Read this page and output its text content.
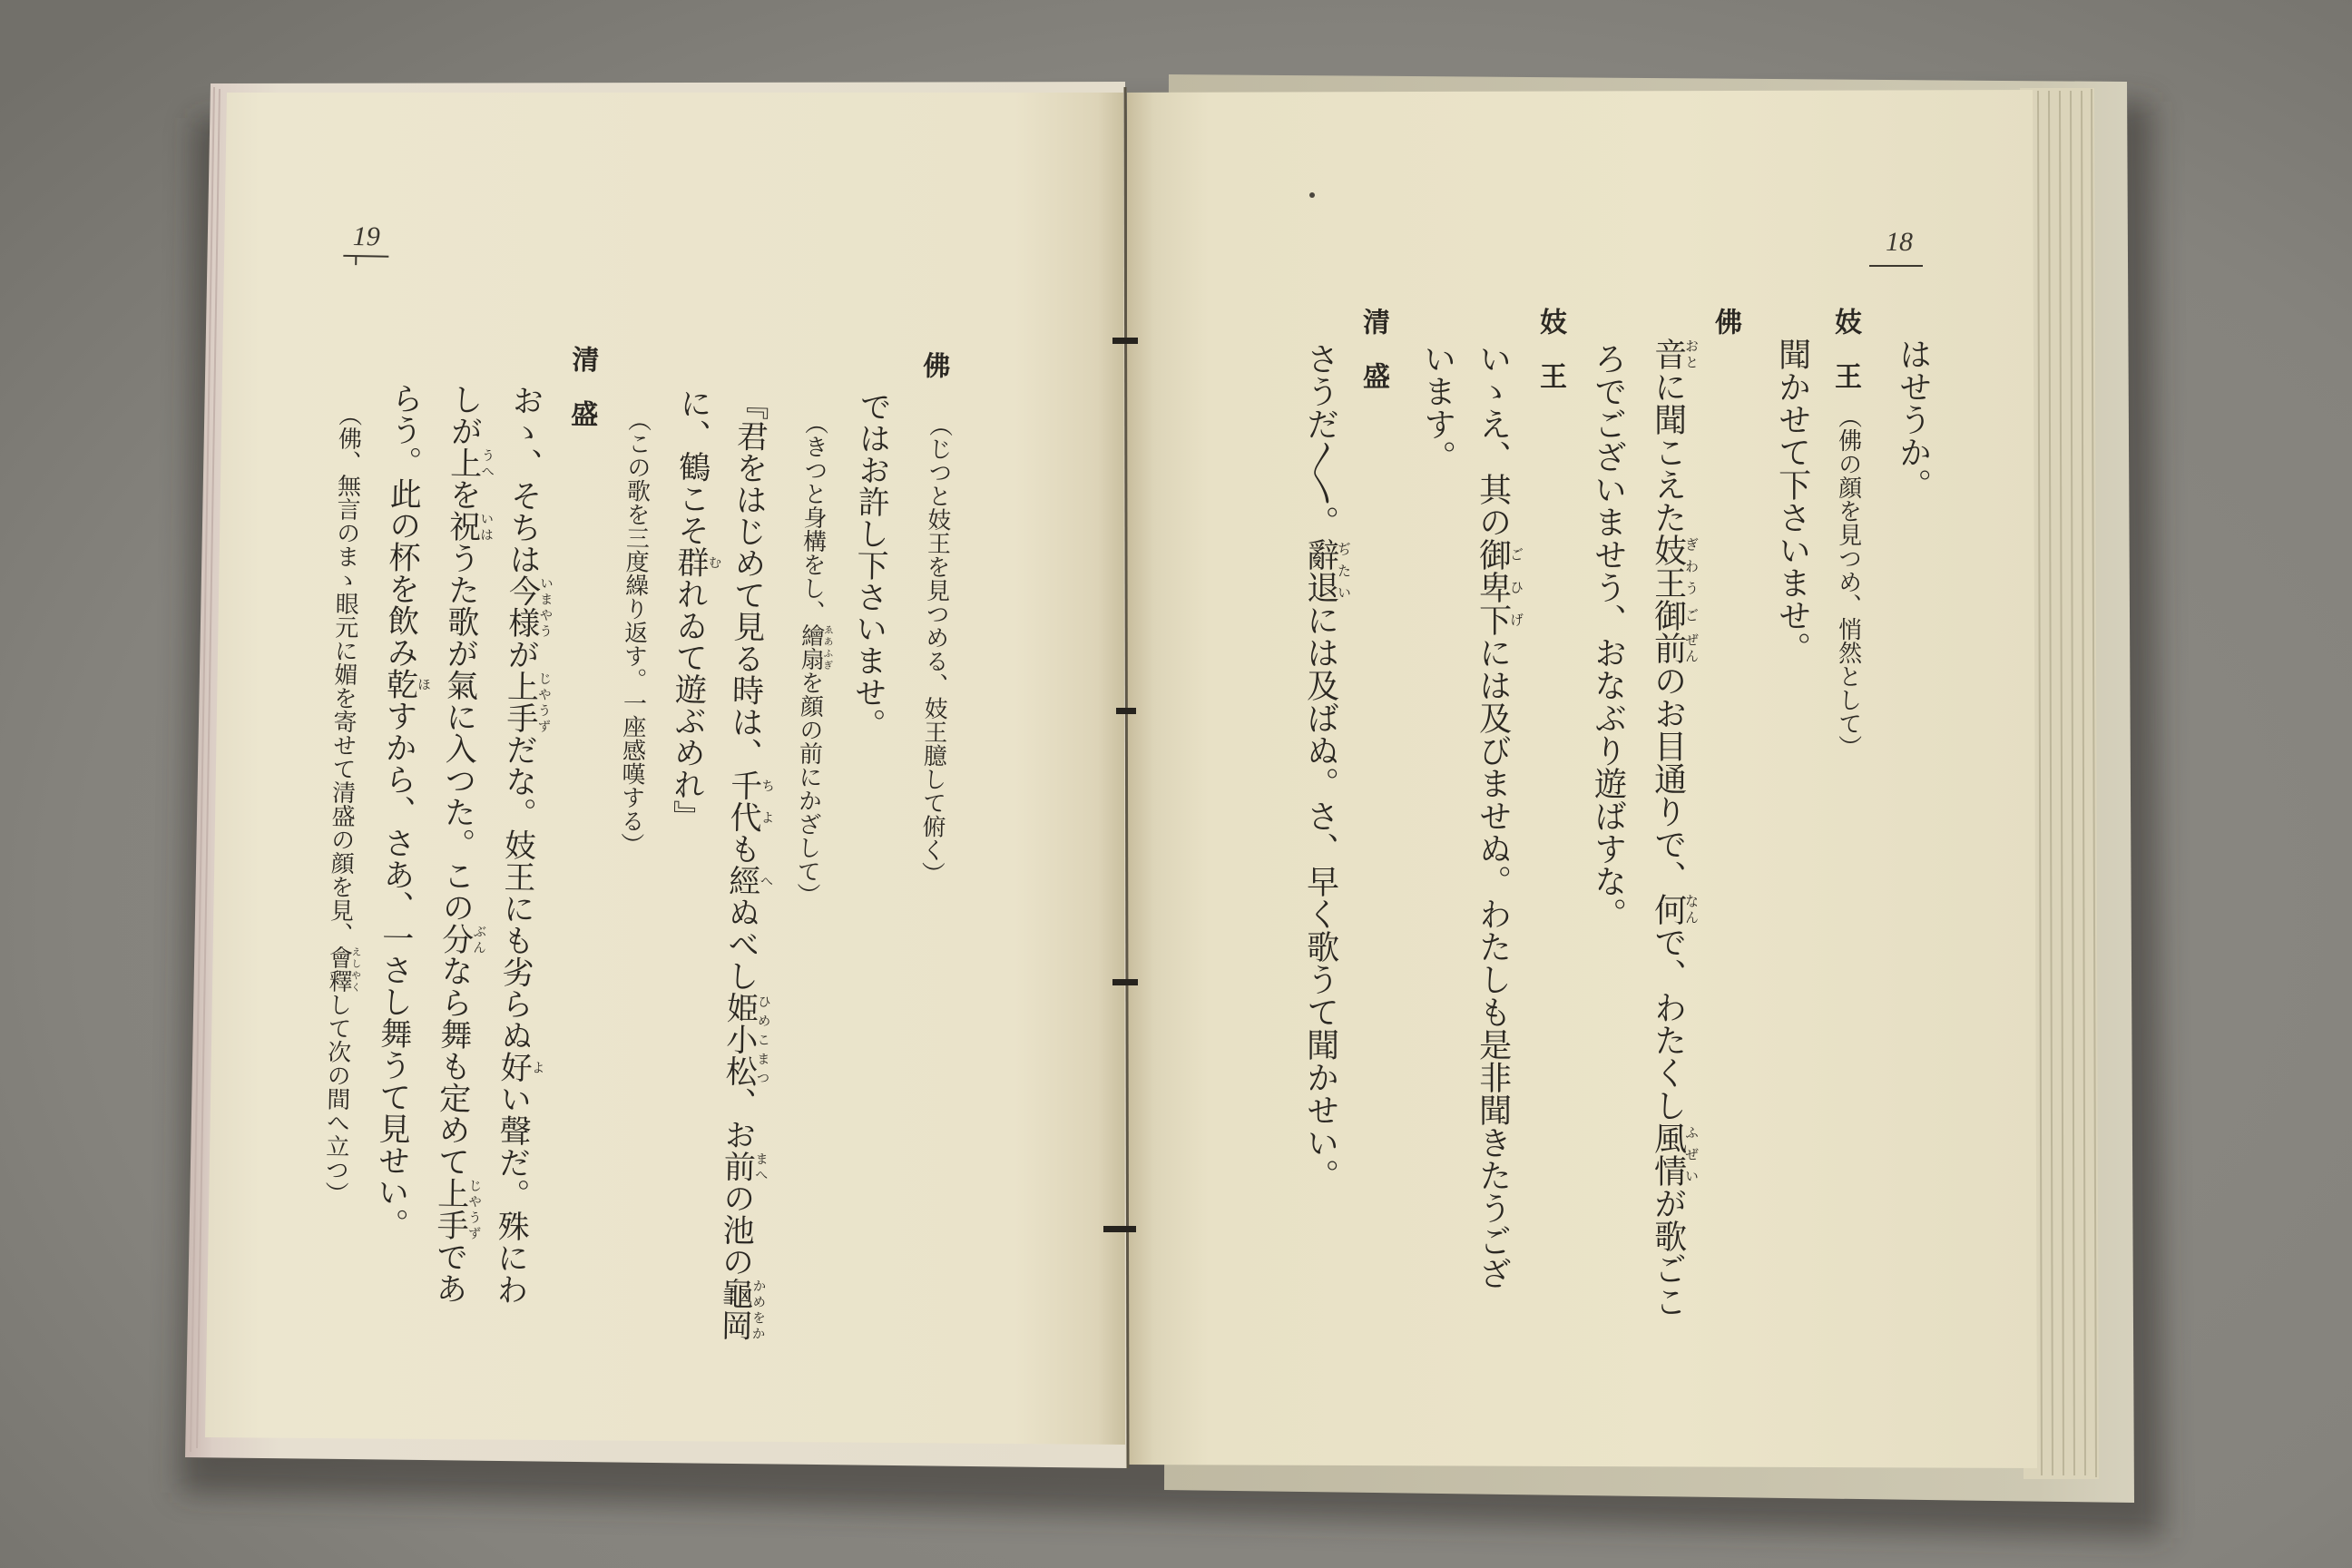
18
はせうか。
妓　王
（佛の顔を見つめ、悄然として）
聞かせて下さいませ。
佛
音おとに聞こえた妓王ぎわう御ご前ぜんのお目通りで、何なんで、わたくし風情ふぜいが歌ごこ
ろでございませう、おなぶり遊ばすな。
妓　王
いゝえ、其の御ご卑下ひげには及びませぬ。わたしも是非聞きたうござ
います。
清　盛
さうだ〳〵。辭退ぢたいには及ばぬ。さ、早く歌うて聞かせい。
19
佛
（じつと妓王を見つめる、妓王臆して俯く）
ではお許し下さいませ。
（きつと身構をし、繪扇ゑあふぎを顔の前にかざして）
『君をはじめて見る時は、千代ちよも經へぬべし姫小松ひめこまつ、お前まへの池の龜岡かめをか
に、鶴こそ群むれゐて遊ぶめれ』
（この歌を三度繰り返す。一座感嘆する）
清　盛
おゝ、そちは今様いまやうが上手じやうずだな。妓王にも劣らぬ好よい聲だ。殊にわ
しが上うへを祝いはうた歌が氣に入つた。この分ぶんなら舞も定めて上手じやうずであ
らう。此の杯を飲み乾ほすから、さあ、一さし舞うて見せい。
（佛、無言のまゝ眼元に媚を寄せて清盛の顔を見、會釋えしやくして次の間へ立つ）
